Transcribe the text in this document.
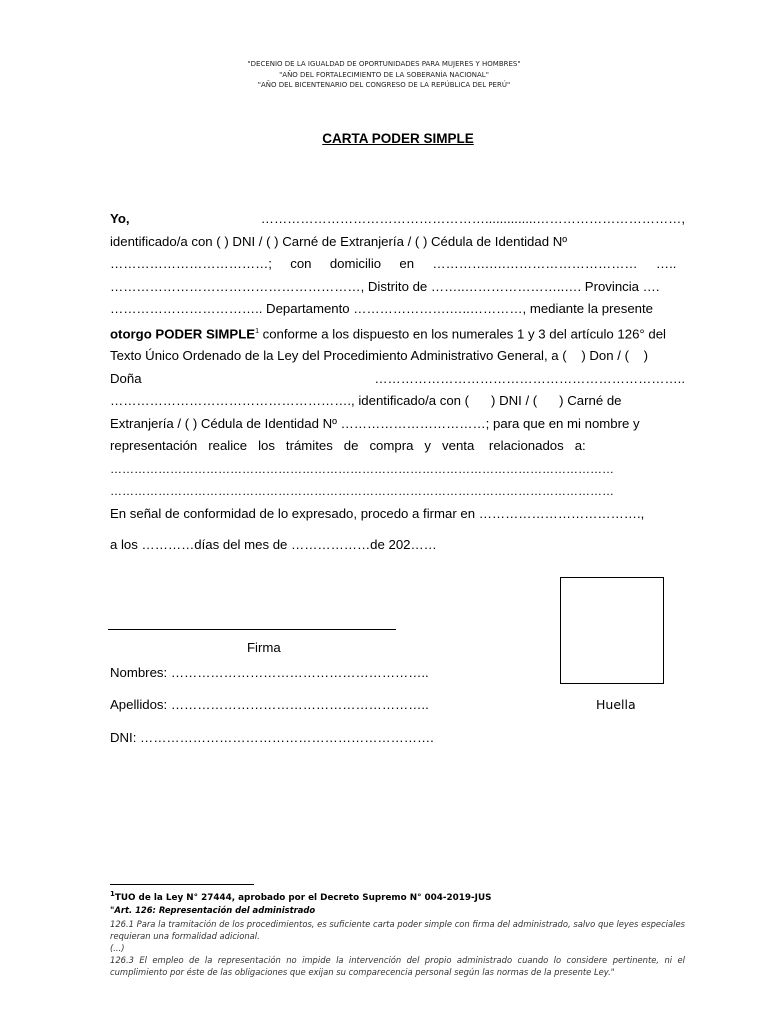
"DECENIO DE LA IGUALDAD DE OPORTUNIDADES PARA MUJERES Y HOMBRES"
"AÑO DEL FORTALECIMIENTO DE LA SOBERANÍA NACIONAL"
"AÑO DEL BICENTENARIO DEL CONGRESO DE LA REPÚBLICA DEL PERÚ"
CARTA PODER SIMPLE
Yo,	……………………………………………..............……………………………,
identificado/a con ( ) DNI / ( ) Carné de Extranjería / ( ) Cédula de Identidad Nº
………………………………;     con     domicilio     en     ………….….…………………………     …..
…………………………………………………, Distrito de ……..…………………..…. Provincia ….
…………………………….. Departamento ………………….…..…………, mediante la presente
otorgo PODER SIMPLE$^1$ conforme a los dispuesto en los numerales 1 y 3 del artículo 126° del
Texto Único Ordenado de la Ley del Procedimiento Administrativo General, a (    ) Don / (    )
Doña	……………………………………………………………..
………………………………………………., identificado/a con (      ) DNI / (      ) Carné de
Extranjería / ( ) Cédula de Identidad Nº ……………………………; para que en mi nombre y
representación   realice   los   trámites   de   compra   y   venta    relacionados   a:
………………………………………………………………………………………………………………
………………………………………………………………………………………………………………
En señal de conformidad de lo expresado, procedo a firmar en ……………………………….,
a los …………días del mes de ………………de 202……
Firma
Nombres: …………………………………………………..
Apellidos: …………………………………………………..
DNI: ………………………………………………………….
Huella
$^1$TUO de la Ley N° 27444, aprobado por el Decreto Supremo N° 004-2019-JUS
"Art. 126: Representación del administrado
126.1 Para la tramitación de los procedimientos, es suficiente carta poder simple con firma del administrado, salvo que leyes especiales requieran una formalidad adicional.
(...)
126.3 El empleo de la representación no impide la intervención del propio administrado cuando lo considere pertinente, ni el cumplimiento por éste de las obligaciones que exijan su comparecencia personal según las normas de la presente Ley."
